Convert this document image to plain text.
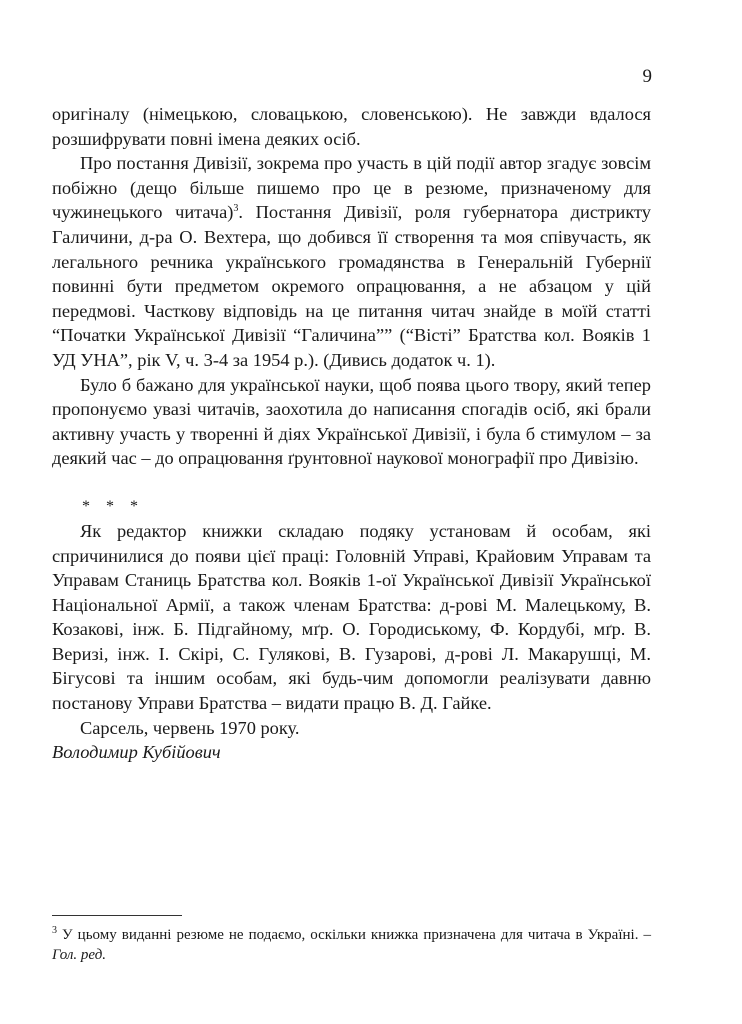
9

оригіналу (німецькою, словацькою, словенською). Не завжди вдалося розшифрувати повні імена деяких осіб.

Про постання Дивізії, зокрема про участь в цій події автор згадує зовсім побіжно (дещо більше пишемо про це в резюме, призначеному для чужинецького читача)$^3$. Постання Дивізії, роля губернатора дистрикту Галичини, д-ра О. Вехтера, що добився її створення та моя співучасть, як легального речника українського громадянства в Генеральній Губернії повинні бути предметом окремого опрацювання, а не абзацом у цій передмові. Часткову відповідь на це питання читач знайде в моїй статті “Початки Української Дивізії “Галичина”” (“Вісті” Братства кол. Вояків 1 УД УНА”, рік V, ч. 3-4 за 1954 р.). (Дивись додаток ч. 1).

Було б бажано для української науки, щоб поява цього твору, який тепер пропонуємо увазі читачів, заохотила до написання спогадів осіб, які брали активну участь у творенні й діях Української Дивізії, і була б стимулом – за деякий час – до опрацювання ґрунтовної наукової монографії про Дивізію.

* * *

Як редактор книжки складаю подяку установам й особам, які спричинилися до появи цієї праці: Головній Управі, Крайовим Управам та Управам Станиць Братства кол. Вояків 1-ої Української Дивізії Української Національної Армії, а також членам Братства: д-рові М. Малецькому, В. Козакові, інж. Б. Підгайному, мґр. О. Городиському, Ф. Кордубі, мґр. В. Веризі, інж. І. Скірі, С. Гулякові, В. Гузарові, д-рові Л. Макарушці, М. Бігусові та іншим особам, які будь-чим допомогли реалізувати давню постанову Управи Братства – видати працю В. Д. Гайке.

Сарсель, червень 1970 року.

Володимир Кубійович

$^3$ У цьому виданні резюме не подаємо, оскільки книжка призначена для читача в Україні. – Гол. ред.
